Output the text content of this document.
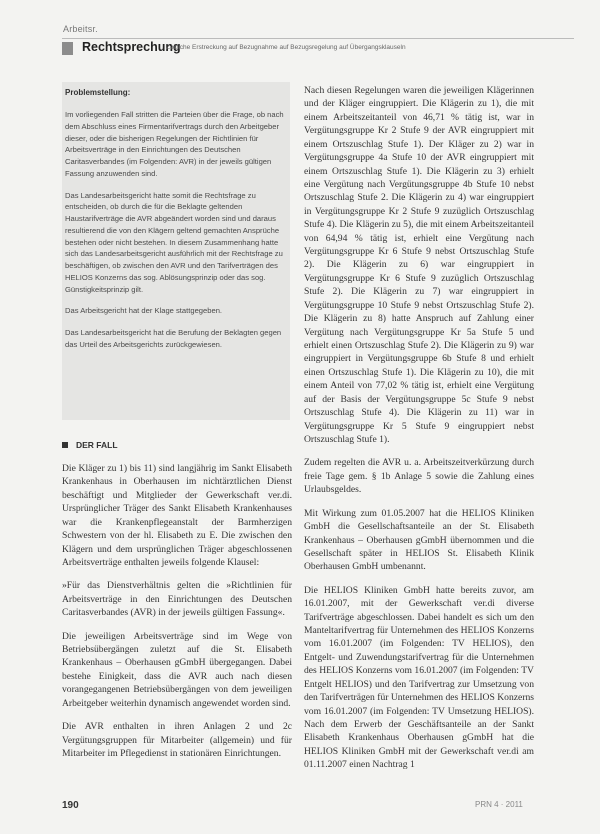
Arbeitsr.
Rechtsprechung
Zeitliche Erstreckung auf Bezugnahme auf Bezugsregelung auf Übergangsklauseln
Problemstellung:

Im vorliegenden Fall stritten die Parteien über die Frage, ob nach dem Abschluss eines Firmentarifvertrags durch den Arbeitgeber dieser, oder die bisherigen Regelungen der Richtlinien für Arbeitsverträge in den Einrichtungen des Deutschen Caritasverbandes (im Folgenden: AVR) in der jeweils gültigen Fassung anzuwenden sind.

Das Landesarbeitsgericht hatte somit die Rechtsfrage zu entscheiden, ob durch die für die Beklagte geltenden Haustarifverträge die AVR abgeändert worden sind und daraus resultierend die von den Klägern geltend gemachten Ansprüche bestehen oder nicht bestehen. In diesem Zusammenhang hatte sich das Landesarbeitsgericht ausführlich mit der Rechtsfrage zu beschäftigen, ob zwischen den AVR und den Tarifverträgen des HELIOS Konzerns das sog. Ablösungsprinzip oder das sog. Günstigkeitsprinzip gilt.

Das Arbeitsgericht hat der Klage stattgegeben.

Das Landesarbeitsgericht hat die Berufung der Beklagten gegen das Urteil des Arbeitsgerichts zurückgewiesen.

DER FALL

Die Kläger zu 1) bis 11) sind langjährig im Sankt Elisabeth Krankenhaus in Oberhausen im nichtärztlichen Dienst beschäftigt und Mitglieder der Gewerkschaft ver.di. Ursprünglicher Träger des Sankt Elisabeth Krankenhauses war die Krankenpflegeanstalt der Barmherzigen Schwestern von der hl. Elisabeth zu E. Die zwischen den Klägern und dem ursprünglichen Träger abgeschlossenen Arbeitsverträge enthalten jeweils folgende Klausel:

»Für das Dienstverhältnis gelten die »Richtlinien für Arbeitsverträge in den Einrichtungen des Deutschen Caritasverbandes (AVR) in der jeweils gültigen Fassung«.

Die jeweiligen Arbeitsverträge sind im Wege von Betriebsübergängen zuletzt auf die St. Elisabeth Krankenhaus – Oberhausen gGmbH übergegangen. Dabei bestehe Einigkeit, dass die AVR auch nach diesen vorangegangenen Betriebsübergängen von dem jeweiligen Arbeitgeber weiterhin dynamisch angewendet worden sind.

Die AVR enthalten in ihren Anlagen 2 und 2c Vergütungsgruppen für Mitarbeiter (allgemein) und für Mitarbeiter im Pflegedienst in stationären Einrichtungen.

Nach diesen Regelungen waren die jeweiligen Klägerinnen und der Kläger eingruppiert. Die Klägerin zu 1), die mit einem Arbeitszeitanteil von 46,71 % tätig ist, war in Vergütungsgruppe Kr 2 Stufe 9 der AVR eingruppiert mit einem Ortszuschlag Stufe 1). Der Kläger zu 2) war in Vergütungsgruppe 4a Stufe 10 der AVR eingruppiert mit einem Ortszuschlag Stufe 1). Die Klägerin zu 3) erhielt eine Vergütung nach Vergütungsgruppe 4b Stufe 10 nebst Ortszuschlag Stufe 2. Die Klägerin zu 4) war eingruppiert in Vergütungsgruppe Kr 2 Stufe 9 zuzüglich Ortszuschlag Stufe 4). Die Klägerin zu 5), die mit einem Arbeitszeitanteil von 64,94 % tätig ist, erhielt eine Vergütung nach Vergütungsgruppe Kr 6 Stufe 9 nebst Ortszuschlag Stufe 2). Die Klägerin zu 6) war eingruppiert in Vergütungsgruppe Kr 6 Stufe 9 zuzüglich Ortszuschlag Stufe 2). Die Klägerin zu 7) war eingruppiert in Vergütungsgruppe 10 Stufe 9 nebst Ortszuschlag Stufe 2). Die Klägerin zu 8) hatte Anspruch auf Zahlung einer Vergütung nach Vergütungsgruppe Kr 5a Stufe 5 und erhielt einen Ortszuschlag Stufe 2). Die Klägerin zu 9) war eingruppiert in Vergütungsgruppe 6b Stufe 8 und erhielt einen Ortszuschlag Stufe 1). Die Klägerin zu 10), die mit einem Anteil von 77,02 % tätig ist, erhielt eine Vergütung auf der Basis der Vergütungsgruppe 5c Stufe 9 nebst Ortszuschlag Stufe 4). Die Klägerin zu 11) war in Vergütungsgruppe Kr 5 Stufe 9 eingruppiert nebst Ortszuschlag Stufe 1).

Zudem regelten die AVR u. a. Arbeitszeitverkürzung durch freie Tage gem. § 1b Anlage 5 sowie die Zahlung eines Urlaubsgeldes.

Mit Wirkung zum 01.05.2007 hat die HELIOS Kliniken GmbH die Gesellschaftsanteile an der St. Elisabeth Krankenhaus – Oberhausen gGmbH übernommen und die Gesellschaft später in HELIOS St. Elisabeth Klinik Oberhausen GmbH umbenannt.

Die HELIOS Kliniken GmbH hatte bereits zuvor, am 16.01.2007, mit der Gewerkschaft ver.di diverse Tarifverträge abgeschlossen. Dabei handelt es sich um den Manteltarifvertrag für Unternehmen des HELIOS Konzerns vom 16.01.2007 (im Folgenden: TV HELIOS), den Entgelt- und Zuwendungstarifvertrag für die Unternehmen des HELIOS Konzerns vom 16.01.2007 (im Folgenden: TV Entgelt HELIOS) und den Tarifvertrag zur Umsetzung von den Tarifverträgen für Unternehmen des HELIOS Konzerns vom 16.01.2007 (im Folgenden: TV Umsetzung HELIOS). Nach dem Erwerb der Geschäftsanteile an der Sankt Elisabeth Krankenhaus Oberhausen gGmbH hat die HELIOS Kliniken GmbH mit der Gewerkschaft ver.di am 01.11.2007 einen Nachtrag 1

190	PRN 4 · 2011
